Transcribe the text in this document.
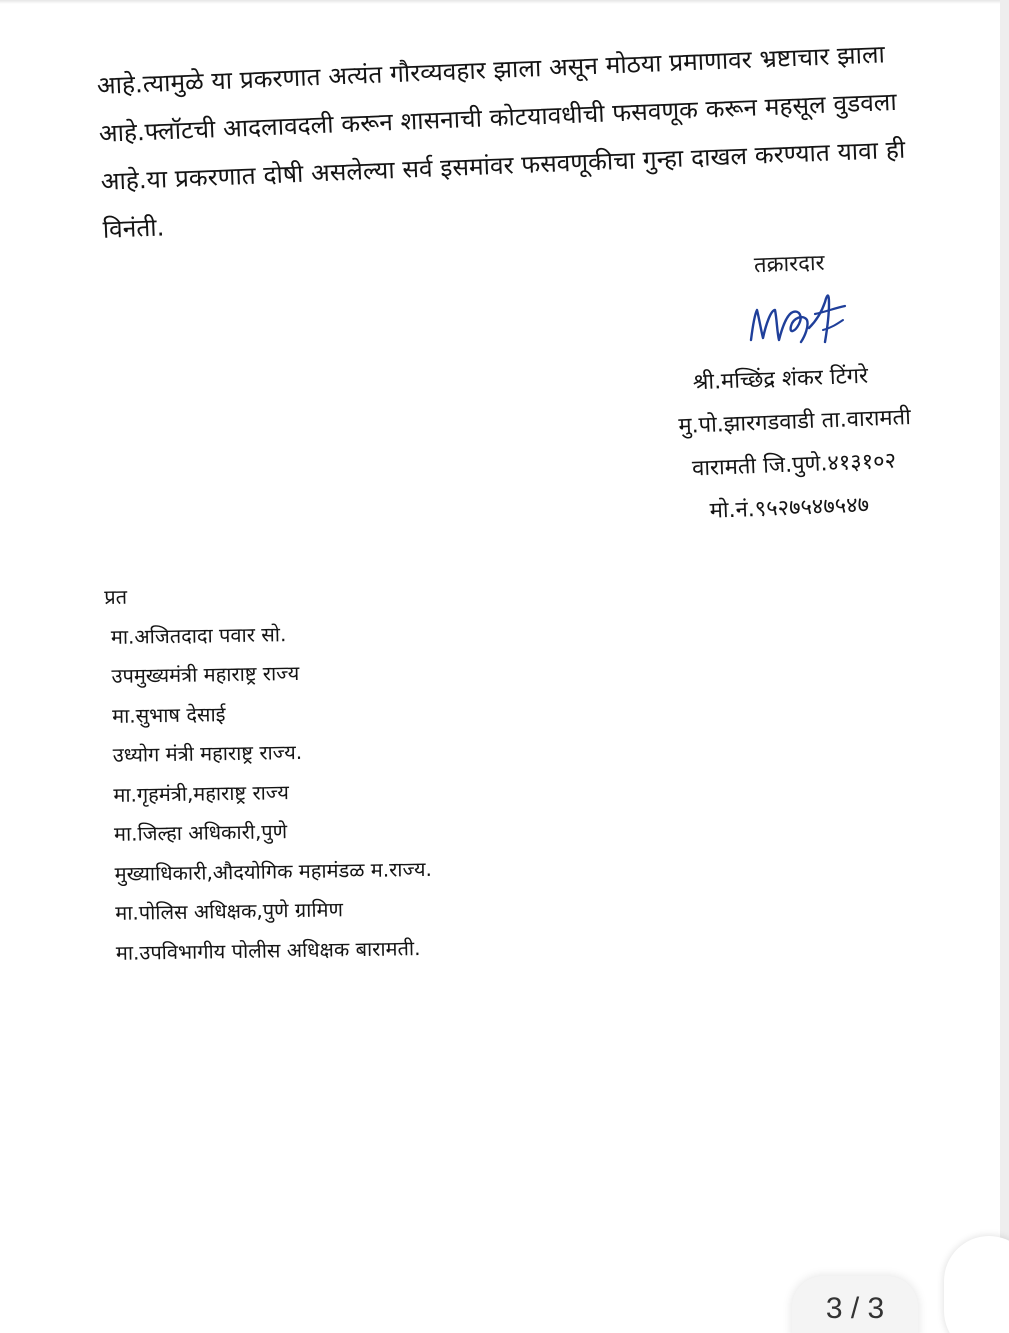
आहे.त्यामुळे या प्रकरणात अत्यंत गौरव्यवहार झाला असून मोठया प्रमाणावर भ्रष्टाचार झाला
आहे.फ्लॉटची आदलावदली करून शासनाची कोटयावधीची फसवणूक करून महसूल वुडवला
आहे.या प्रकरणात दोषी असलेल्या सर्व इसमांवर फसवणूकीचा गुन्हा दाखल करण्यात यावा ही
विनंती.
तक्रारदार
श्री.मच्छिंद्र शंकर टिंगरे
मु.पो.झारगडवाडी ता.वारामती
वारामती जि.पुणे.४१३१०२
मो.नं.९५२७५४७५४७
प्रत
मा.अजितदादा पवार सो.
उपमुख्यमंत्री महाराष्ट्र राज्य
मा.सुभाष देसाई
उध्योग मंत्री महाराष्ट्र राज्य.
मा.गृहमंत्री,महाराष्ट्र राज्य
मा.जिल्हा अधिकारी,पुणे
मुख्याधिकारी,औदयोगिक महामंडळ म.राज्य.
मा.पोलिस अधिक्षक,पुणे ग्रामिण
मा.उपविभागीय पोलीस अधिक्षक बारामती.
3 / 3
